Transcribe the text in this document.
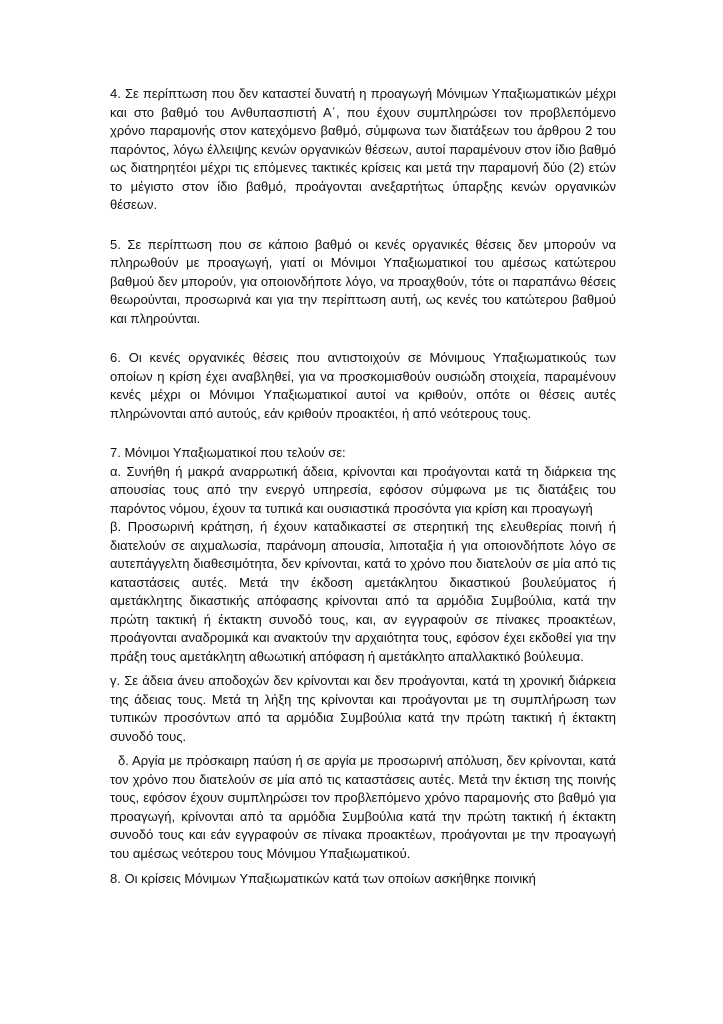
4. Σε περίπτωση που δεν καταστεί δυνατή η προαγωγή Μόνιμων Υπαξιωματικών μέχρι και στο βαθμό του Ανθυπασπιστή Α΄, που έχουν συμπληρώσει τον προβλεπόμενο χρόνο παραμονής στον κατεχόμενο βαθμό, σύμφωνα των διατάξεων του άρθρου 2 του παρόντος, λόγω έλλειψης κενών οργανικών θέσεων, αυτοί παραμένουν στον ίδιο βαθμό ως διατηρητέοι μέχρι τις επόμενες τακτικές κρίσεις και μετά την παραμονή δύο (2) ετών το μέγιστο στον ίδιο βαθμό, προάγονται ανεξαρτήτως ύπαρξης κενών οργανικών θέσεων.

5. Σε περίπτωση που σε κάποιο βαθμό οι κενές οργανικές θέσεις δεν μπορούν να πληρωθούν με προαγωγή, γιατί οι Μόνιμοι Υπαξιωματικοί του αμέσως κατώτερου βαθμού δεν μπορούν, για οποιονδήποτε λόγο, να προαχθούν, τότε οι παραπάνω θέσεις θεωρούνται, προσωρινά και για την περίπτωση αυτή, ως κενές του κατώτερου βαθμού και πληρούνται.

6. Οι κενές οργανικές θέσεις που αντιστοιχούν σε Μόνιμους Υπαξιωματικούς των οποίων η κρίση έχει αναβληθεί, για να προσκομισθούν ουσιώδη στοιχεία, παραμένουν κενές μέχρι οι Μόνιμοι Υπαξιωματικοί αυτοί να κριθούν, οπότε οι θέσεις αυτές πληρώνονται από αυτούς, εάν κριθούν προακτέοι, ή από νεότερους τους.

7. Μόνιμοι Υπαξιωματικοί που τελούν σε:

α. Συνήθη ή μακρά αναρρωτική άδεια, κρίνονται και προάγονται κατά τη διάρκεια της απουσίας τους από την ενεργό υπηρεσία, εφόσον σύμφωνα με τις διατάξεις του παρόντος νόμου, έχουν τα τυπικά και ουσιαστικά προσόντα για κρίση και προαγωγή

β. Προσωρινή κράτηση, ή έχουν καταδικαστεί σε στερητική της ελευθερίας ποινή ή διατελούν σε αιχμαλωσία, παράνομη απουσία, λιποταξία ή για οποιονδήποτε λόγο σε αυτεπάγγελτη διαθεσιμότητα, δεν κρίνονται, κατά το χρόνο που διατελούν σε μία από τις καταστάσεις αυτές. Μετά την έκδοση αμετάκλητου δικαστικού βουλεύματος ή αμετάκλητης δικαστικής απόφασης κρίνονται από τα αρμόδια Συμβούλια, κατά την πρώτη τακτική ή έκτακτη συνοδό τους, και, αν εγγραφούν σε πίνακες προακτέων, προάγονται αναδρομικά και ανακτούν την αρχαιότητα τους, εφόσον έχει εκδοθεί για την πράξη τους αμετάκλητη αθωωτική απόφαση ή αμετάκλητο απαλλακτικό βούλευμα.

γ. Σε άδεια άνευ αποδοχών δεν κρίνονται και δεν προάγονται, κατά τη χρονική διάρκεια της άδειας τους. Μετά τη λήξη της κρίνονται και προάγονται με τη συμπλήρωση των τυπικών προσόντων από τα αρμόδια Συμβούλια κατά την πρώτη τακτική ή έκτακτη συνοδό τους.

δ. Αργία με πρόσκαιρη παύση ή σε αργία με προσωρινή απόλυση, δεν κρίνονται, κατά τον χρόνο που διατελούν σε μία από τις καταστάσεις αυτές. Μετά την έκτιση της ποινής τους, εφόσον έχουν συμπληρώσει τον προβλεπόμενο χρόνο παραμονής στο βαθμό για προαγωγή, κρίνονται από τα αρμόδια Συμβούλια κατά την πρώτη τακτική ή έκτακτη συνοδό τους και εάν εγγραφούν σε πίνακα προακτέων, προάγονται με την προαγωγή του αμέσως νεότερου τους Μόνιμου Υπαξιωματικού.

8. Οι κρίσεις Μόνιμων Υπαξιωματικών κατά των οποίων ασκήθηκε ποινική
